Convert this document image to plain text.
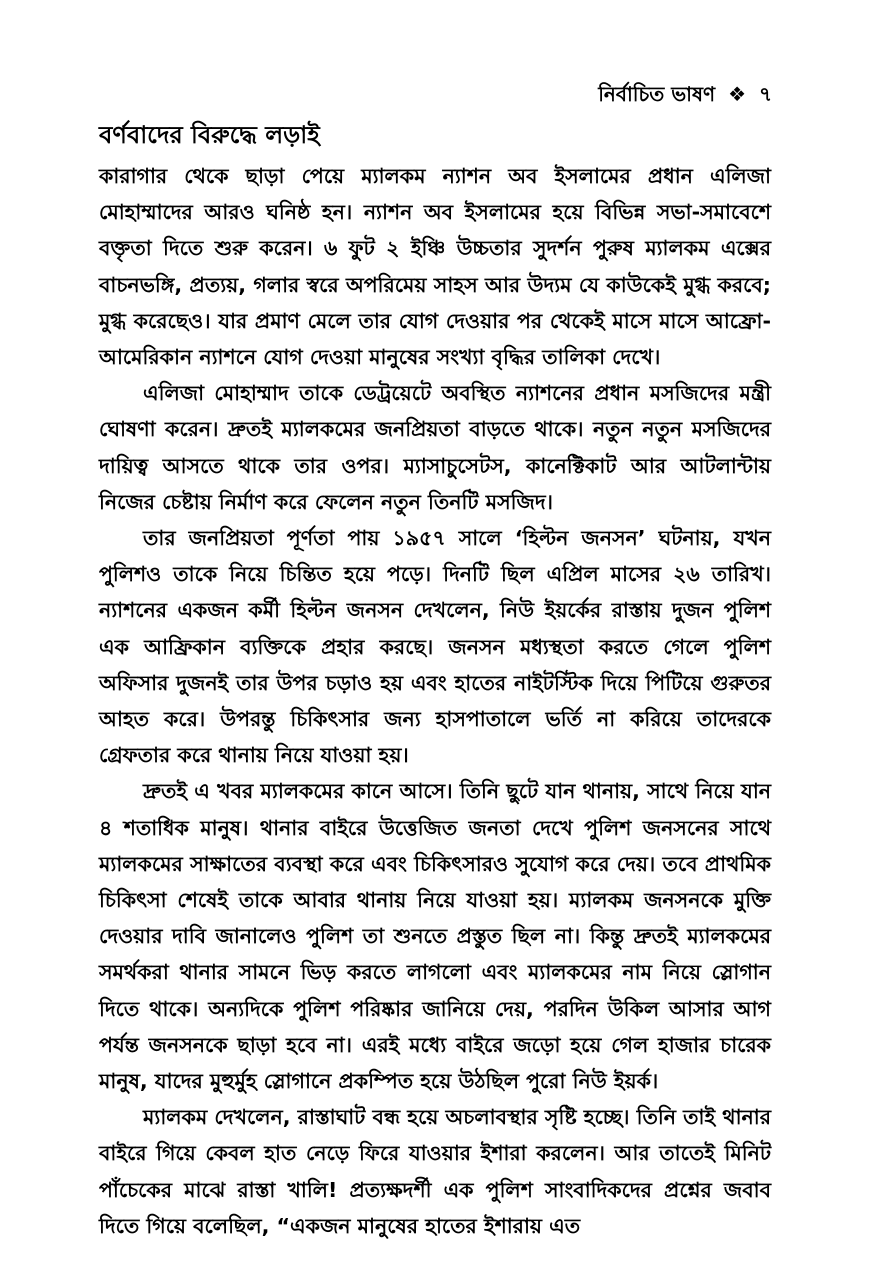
নির্বাচিত ভাষণ ❖ ৭
বর্ণবাদের বিরুদ্ধে লড়াই

কারাগার থেকে ছাড়া পেয়ে ম্যালকম ন্যাশন অব ইসলামের প্রধান এলিজা মোহাম্মাদের আরও ঘনিষ্ঠ হন। ন্যাশন অব ইসলামের হয়ে বিভিন্ন সভা-সমাবেশে বক্তৃতা দিতে শুরু করেন। ৬ ফুট ২ ইঞ্চি উচ্চতার সুদর্শন পুরুষ ম্যালকম এক্সের বাচনভঙ্গি, প্রত্যয়, গলার স্বরে অপরিমেয় সাহস আর উদ্যম যে কাউকেই মুগ্ধ করবে; মুগ্ধ করেছেও। যার প্রমাণ মেলে তার যোগ দেওয়ার পর থেকেই মাসে মাসে আফ্রো-আমেরিকান ন্যাশনে যোগ দেওয়া মানুষের সংখ্যা বৃদ্ধির তালিকা দেখে।

এলিজা মোহাম্মাদ তাকে ডেট্রয়েটে অবস্থিত ন্যাশনের প্রধান মসজিদের মন্ত্রী ঘোষণা করেন। দ্রুতই ম্যালকমের জনপ্রিয়তা বাড়তে থাকে। নতুন নতুন মসজিদের দায়িত্ব আসতে থাকে তার ওপর। ম্যাসাচুসেটস, কানেক্টিকাট আর আটলান্টায় নিজের চেষ্টায় নির্মাণ করে ফেলেন নতুন তিনটি মসজিদ।

তার জনপ্রিয়তা পূর্ণতা পায় ১৯৫৭ সালে ‘হিল্টন জনসন’ ঘটনায়, যখন পুলিশও তাকে নিয়ে চিন্তিত হয়ে পড়ে। দিনটি ছিল এপ্রিল মাসের ২৬ তারিখ। ন্যাশনের একজন কর্মী হিল্টন জনসন দেখলেন, নিউ ইয়র্কের রাস্তায় দুজন পুলিশ এক আফ্রিকান ব্যক্তিকে প্রহার করছে। জনসন মধ্যস্থতা করতে গেলে পুলিশ অফিসার দুজনই তার উপর চড়াও হয় এবং হাতের নাইটস্টিক দিয়ে পিটিয়ে গুরুতর আহত করে। উপরন্তু চিকিৎসার জন্য হাসপাতালে ভর্তি না করিয়ে তাদেরকে গ্রেফতার করে থানায় নিয়ে যাওয়া হয়।

দ্রুতই এ খবর ম্যালকমের কানে আসে। তিনি ছুটে যান থানায়, সাথে নিয়ে যান ৪ শতাধিক মানুষ। থানার বাইরে উত্তেজিত জনতা দেখে পুলিশ জনসনের সাথে ম্যালকমের সাক্ষাতের ব্যবস্থা করে এবং চিকিৎসারও সুযোগ করে দেয়। তবে প্রাথমিক চিকিৎসা শেষেই তাকে আবার থানায় নিয়ে যাওয়া হয়। ম্যালকম জনসনকে মুক্তি দেওয়ার দাবি জানালেও পুলিশ তা শুনতে প্রস্তুত ছিল না। কিন্তু দ্রুতই ম্যালকমের সমর্থকরা থানার সামনে ভিড় করতে লাগলো এবং ম্যালকমের নাম নিয়ে স্লোগান দিতে থাকে। অন্যদিকে পুলিশ পরিষ্কার জানিয়ে দেয়, পরদিন উকিল আসার আগ পর্যন্ত জনসনকে ছাড়া হবে না। এরই মধ্যে বাইরে জড়ো হয়ে গেল হাজার চারেক মানুষ, যাদের মুহুর্মুহ স্লোগানে প্রকম্পিত হয়ে উঠছিল পুরো নিউ ইয়র্ক।

ম্যালকম দেখলেন, রাস্তাঘাট বন্ধ হয়ে অচলাবস্থার সৃষ্টি হচ্ছে। তিনি তাই থানার বাইরে গিয়ে কেবল হাত নেড়ে ফিরে যাওয়ার ইশারা করলেন। আর তাতেই মিনিট পাঁচেকের মাঝে রাস্তা খালি! প্রত্যক্ষদর্শী এক পুলিশ সাংবাদিকদের প্রশ্নের জবাব দিতে গিয়ে বলেছিল, “একজন মানুষের হাতের ইশারায় এত
